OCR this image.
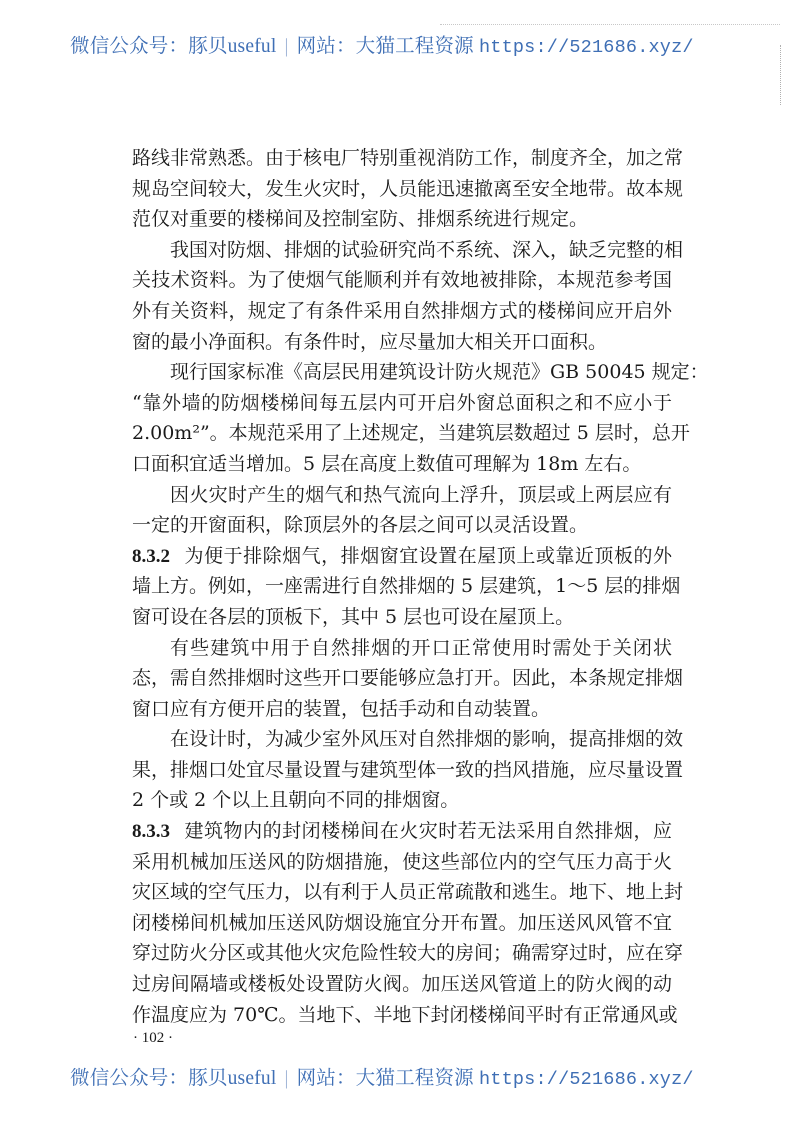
微信公众号：豚贝useful | 网站：大猫工程资源 https://521686.xyz/
路线非常熟悉。由于核电厂特别重视消防工作，制度齐全，加之常
规岛空间较大，发生火灾时，人员能迅速撤离至安全地带。故本规
范仅对重要的楼梯间及控制室防、排烟系统进行规定。
我国对防烟、排烟的试验研究尚不系统、深入，缺乏完整的相
关技术资料。为了使烟气能顺利并有效地被排除，本规范参考国
外有关资料，规定了有条件采用自然排烟方式的楼梯间应开启外
窗的最小净面积。有条件时，应尽量加大相关开口面积。
现行国家标准《高层民用建筑设计防火规范》GB 50045 规定：
“靠外墙的防烟楼梯间每五层内可开启外窗总面积之和不应小于
2.00m²”。本规范采用了上述规定，当建筑层数超过 5 层时，总开
口面积宜适当增加。5 层在高度上数值可理解为 18m 左右。
因火灾时产生的烟气和热气流向上浮升，顶层或上两层应有
一定的开窗面积，除顶层外的各层之间可以灵活设置。
8.3.2 为便于排除烟气，排烟窗宜设置在屋顶上或靠近顶板的外
墙上方。例如，一座需进行自然排烟的 5 层建筑，1～5 层的排烟
窗可设在各层的顶板下，其中 5 层也可设在屋顶上。
有些建筑中用于自然排烟的开口正常使用时需处于关闭状
态，需自然排烟时这些开口要能够应急打开。因此，本条规定排烟
窗口应有方便开启的装置，包括手动和自动装置。
在设计时，为减少室外风压对自然排烟的影响，提高排烟的效
果，排烟口处宜尽量设置与建筑型体一致的挡风措施，应尽量设置
2 个或 2 个以上且朝向不同的排烟窗。
8.3.3 建筑物内的封闭楼梯间在火灾时若无法采用自然排烟，应
采用机械加压送风的防烟措施，使这些部位内的空气压力高于火
灾区域的空气压力，以有利于人员正常疏散和逃生。地下、地上封
闭楼梯间机械加压送风防烟设施宜分开布置。加压送风风管不宜
穿过防火分区或其他火灾危险性较大的房间；确需穿过时，应在穿
过房间隔墙或楼板处设置防火阀。加压送风管道上的防火阀的动
作温度应为 70℃。当地下、半地下封闭楼梯间平时有正常通风或
· 102 ·
微信公众号：豚贝useful | 网站：大猫工程资源 https://521686.xyz/
